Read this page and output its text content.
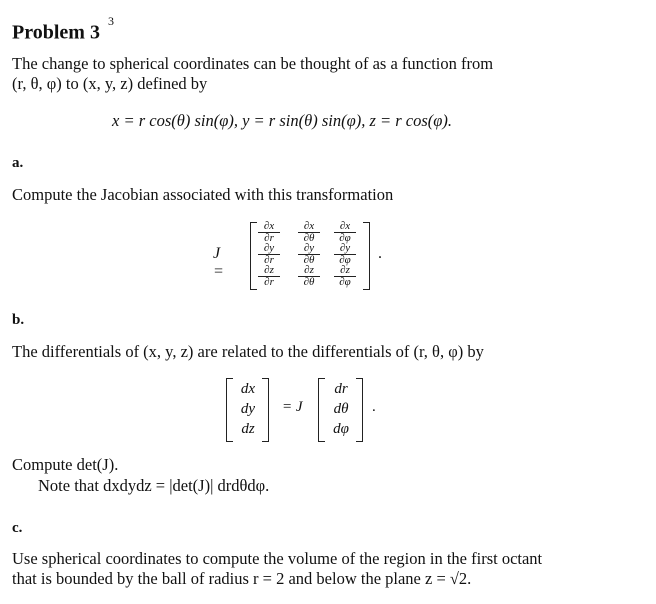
Problem $3^3$
The change to spherical coordinates can be thought of as a function from
(r, θ, φ) to (x, y, z) defined by
x = r cos(θ) sin(φ), y = r sin(θ) sin(φ), z = r cos(φ).
a.
Compute the Jacobian associated with this transformation
J =
$\frac{\partial x}{\partial r} \frac{\partial x}{\partial\theta} \frac{\partial x}{\partial\varphi}$
$\frac{\partial y}{\partial r} \frac{\partial y}{\partial\theta} \frac{\partial y}{\partial\varphi}$
$\frac{\partial z}{\partial r} \frac{\partial z}{\partial\theta} \frac{\partial z}{\partial\varphi}$
.
b.
The differentials of (x, y, z) are related to the differentials of (r, θ, φ) by
dx
dy
dz
= J
dr
dθ
dφ
.
Compute det(J).
Note that dxdydz = |det(J)| drdθdφ.
c.
Use spherical coordinates to compute the volume of the region in the first octant
that is bounded by the ball of radius r = 2 and below the plane z = √2.
